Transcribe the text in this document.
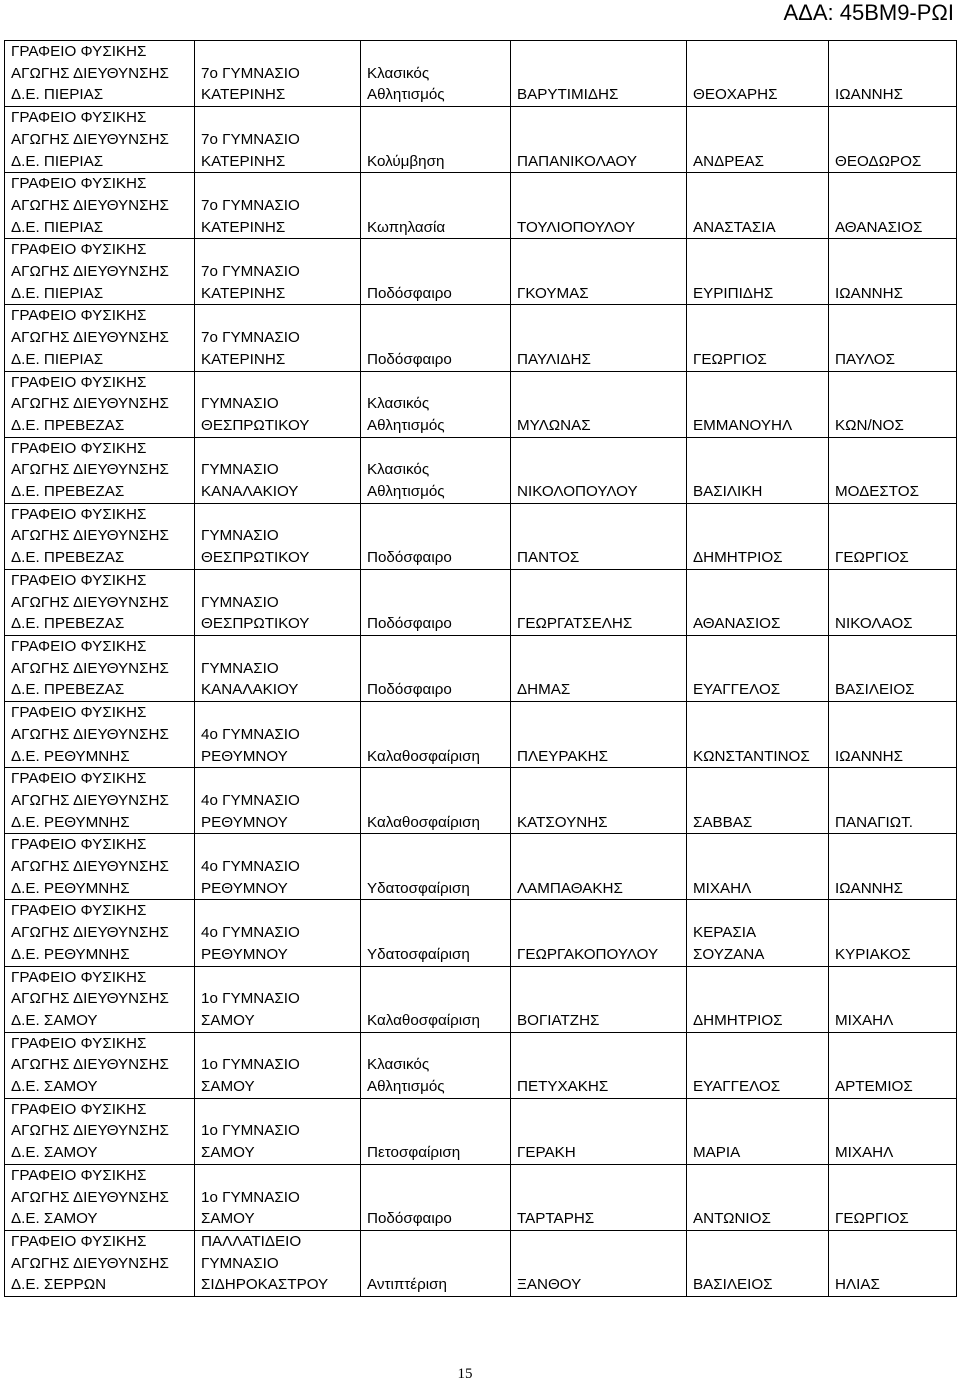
ΑΔΑ: 45ΒΜ9-ΡΩΙ
ΓΡΑΦΕΙΟ ΦΥΣΙΚΗΣ
ΑΓΩΓΗΣ ΔΙΕΥΘΥΝΣΗΣ
Δ.Ε. ΠΙΕΡΙΑΣ	7ο ΓΥΜΝΑΣΙΟ
ΚΑΤΕΡΙΝΗΣ	Κλασικός
Αθλητισμός	ΒΑΡΥΤΙΜΙΔΗΣ	ΘΕΟΧΑΡΗΣ	ΙΩΑΝΝΗΣ

ΓΡΑΦΕΙΟ ΦΥΣΙΚΗΣ
ΑΓΩΓΗΣ ΔΙΕΥΘΥΝΣΗΣ
Δ.Ε. ΠΙΕΡΙΑΣ	7ο ΓΥΜΝΑΣΙΟ
ΚΑΤΕΡΙΝΗΣ	Κολύμβηση	ΠΑΠΑΝΙΚΟΛΑΟΥ	ΑΝΔΡΕΑΣ	ΘΕΟΔΩΡΟΣ

ΓΡΑΦΕΙΟ ΦΥΣΙΚΗΣ
ΑΓΩΓΗΣ ΔΙΕΥΘΥΝΣΗΣ
Δ.Ε. ΠΙΕΡΙΑΣ	7ο ΓΥΜΝΑΣΙΟ
ΚΑΤΕΡΙΝΗΣ	Κωπηλασία	ΤΟΥΛΙΟΠΟΥΛΟΥ	ΑΝΑΣΤΑΣΙΑ	ΑΘΑΝΑΣΙΟΣ

ΓΡΑΦΕΙΟ ΦΥΣΙΚΗΣ
ΑΓΩΓΗΣ ΔΙΕΥΘΥΝΣΗΣ
Δ.Ε. ΠΙΕΡΙΑΣ	7ο ΓΥΜΝΑΣΙΟ
ΚΑΤΕΡΙΝΗΣ	Ποδόσφαιρο	ΓΚΟΥΜΑΣ	ΕΥΡΙΠΙΔΗΣ	ΙΩΑΝΝΗΣ

ΓΡΑΦΕΙΟ ΦΥΣΙΚΗΣ
ΑΓΩΓΗΣ ΔΙΕΥΘΥΝΣΗΣ
Δ.Ε. ΠΙΕΡΙΑΣ	7ο ΓΥΜΝΑΣΙΟ
ΚΑΤΕΡΙΝΗΣ	Ποδόσφαιρο	ΠΑΥΛΙΔΗΣ	ΓΕΩΡΓΙΟΣ	ΠΑΥΛΟΣ

ΓΡΑΦΕΙΟ ΦΥΣΙΚΗΣ
ΑΓΩΓΗΣ ΔΙΕΥΘΥΝΣΗΣ
Δ.Ε. ΠΡΕΒΕΖΑΣ	ΓΥΜΝΑΣΙΟ
ΘΕΣΠΡΩΤΙΚΟΥ	Κλασικός
Αθλητισμός	ΜΥΛΩΝΑΣ	ΕΜΜΑΝΟΥΗΛ	ΚΩΝ/ΝΟΣ

ΓΡΑΦΕΙΟ ΦΥΣΙΚΗΣ
ΑΓΩΓΗΣ ΔΙΕΥΘΥΝΣΗΣ
Δ.Ε. ΠΡΕΒΕΖΑΣ	ΓΥΜΝΑΣΙΟ
ΚΑΝΑΛΑΚΙΟΥ	Κλασικός
Αθλητισμός	ΝΙΚΟΛΟΠΟΥΛΟΥ	ΒΑΣΙΛΙΚΗ	ΜΟΔΕΣΤΟΣ

ΓΡΑΦΕΙΟ ΦΥΣΙΚΗΣ
ΑΓΩΓΗΣ ΔΙΕΥΘΥΝΣΗΣ
Δ.Ε. ΠΡΕΒΕΖΑΣ	ΓΥΜΝΑΣΙΟ
ΘΕΣΠΡΩΤΙΚΟΥ	Ποδόσφαιρο	ΠΑΝΤΟΣ	ΔΗΜΗΤΡΙΟΣ	ΓΕΩΡΓΙΟΣ

ΓΡΑΦΕΙΟ ΦΥΣΙΚΗΣ
ΑΓΩΓΗΣ ΔΙΕΥΘΥΝΣΗΣ
Δ.Ε. ΠΡΕΒΕΖΑΣ	ΓΥΜΝΑΣΙΟ
ΘΕΣΠΡΩΤΙΚΟΥ	Ποδόσφαιρο	ΓΕΩΡΓΑΤΣΕΛΗΣ	ΑΘΑΝΑΣΙΟΣ	ΝΙΚΟΛΑΟΣ

ΓΡΑΦΕΙΟ ΦΥΣΙΚΗΣ
ΑΓΩΓΗΣ ΔΙΕΥΘΥΝΣΗΣ
Δ.Ε. ΠΡΕΒΕΖΑΣ	ΓΥΜΝΑΣΙΟ
ΚΑΝΑΛΑΚΙΟΥ	Ποδόσφαιρο	ΔΗΜΑΣ	ΕΥΑΓΓΕΛΟΣ	ΒΑΣΙΛΕΙΟΣ

ΓΡΑΦΕΙΟ ΦΥΣΙΚΗΣ
ΑΓΩΓΗΣ ΔΙΕΥΘΥΝΣΗΣ
Δ.Ε. ΡΕΘΥΜΝΗΣ	4ο ΓΥΜΝΑΣΙΟ
ΡΕΘΥΜΝΟΥ	Καλαθοσφαίριση	ΠΛΕΥΡΑΚΗΣ	ΚΩΝΣΤΑΝΤΙΝΟΣ	ΙΩΑΝΝΗΣ

ΓΡΑΦΕΙΟ ΦΥΣΙΚΗΣ
ΑΓΩΓΗΣ ΔΙΕΥΘΥΝΣΗΣ
Δ.Ε. ΡΕΘΥΜΝΗΣ	4ο ΓΥΜΝΑΣΙΟ
ΡΕΘΥΜΝΟΥ	Καλαθοσφαίριση	ΚΑΤΣΟΥΝΗΣ	ΣΑΒΒΑΣ	ΠΑΝΑΓΙΩΤ.

ΓΡΑΦΕΙΟ ΦΥΣΙΚΗΣ
ΑΓΩΓΗΣ ΔΙΕΥΘΥΝΣΗΣ
Δ.Ε. ΡΕΘΥΜΝΗΣ	4ο ΓΥΜΝΑΣΙΟ
ΡΕΘΥΜΝΟΥ	Υδατοσφαίριση	ΛΑΜΠΑΘΑΚΗΣ	ΜΙΧΑΗΛ	ΙΩΑΝΝΗΣ

ΓΡΑΦΕΙΟ ΦΥΣΙΚΗΣ
ΑΓΩΓΗΣ ΔΙΕΥΘΥΝΣΗΣ
Δ.Ε. ΡΕΘΥΜΝΗΣ	4ο ΓΥΜΝΑΣΙΟ
ΡΕΘΥΜΝΟΥ	Υδατοσφαίριση	ΓΕΩΡΓΑΚΟΠΟΥΛΟΥ	ΚΕΡΑΣΙΑ
ΣΟΥΖΑΝΑ	ΚΥΡΙΑΚΟΣ

ΓΡΑΦΕΙΟ ΦΥΣΙΚΗΣ
ΑΓΩΓΗΣ ΔΙΕΥΘΥΝΣΗΣ
Δ.Ε. ΣΑΜΟΥ	1ο ΓΥΜΝΑΣΙΟ
ΣΑΜΟΥ	Καλαθοσφαίριση	ΒΟΓΙΑΤΖΗΣ	ΔΗΜΗΤΡΙΟΣ	ΜΙΧΑΗΛ

ΓΡΑΦΕΙΟ ΦΥΣΙΚΗΣ
ΑΓΩΓΗΣ ΔΙΕΥΘΥΝΣΗΣ
Δ.Ε. ΣΑΜΟΥ	1ο ΓΥΜΝΑΣΙΟ
ΣΑΜΟΥ	Κλασικός
Αθλητισμός	ΠΕΤΥΧΑΚΗΣ	ΕΥΑΓΓΕΛΟΣ	ΑΡΤΕΜΙΟΣ

ΓΡΑΦΕΙΟ ΦΥΣΙΚΗΣ
ΑΓΩΓΗΣ ΔΙΕΥΘΥΝΣΗΣ
Δ.Ε. ΣΑΜΟΥ	1ο ΓΥΜΝΑΣΙΟ
ΣΑΜΟΥ	Πετοσφαίριση	ΓΕΡΑΚΗ	ΜΑΡΙΑ	ΜΙΧΑΗΛ

ΓΡΑΦΕΙΟ ΦΥΣΙΚΗΣ
ΑΓΩΓΗΣ ΔΙΕΥΘΥΝΣΗΣ
Δ.Ε. ΣΑΜΟΥ	1ο ΓΥΜΝΑΣΙΟ
ΣΑΜΟΥ	Ποδόσφαιρο	ΤΑΡΤΑΡΗΣ	ΑΝΤΩΝΙΟΣ	ΓΕΩΡΓΙΟΣ

ΓΡΑΦΕΙΟ ΦΥΣΙΚΗΣ
ΑΓΩΓΗΣ ΔΙΕΥΘΥΝΣΗΣ
Δ.Ε. ΣΕΡΡΩΝ	ΠΑΛΛΑΤΙΔΕΙΟ
ΓΥΜΝΑΣΙΟ
ΣΙΔΗΡΟΚΑΣΤΡΟΥ	Αντιπτέριση	ΞΑΝΘΟΥ	ΒΑΣΙΛΕΙΟΣ	ΗΛΙΑΣ
15
